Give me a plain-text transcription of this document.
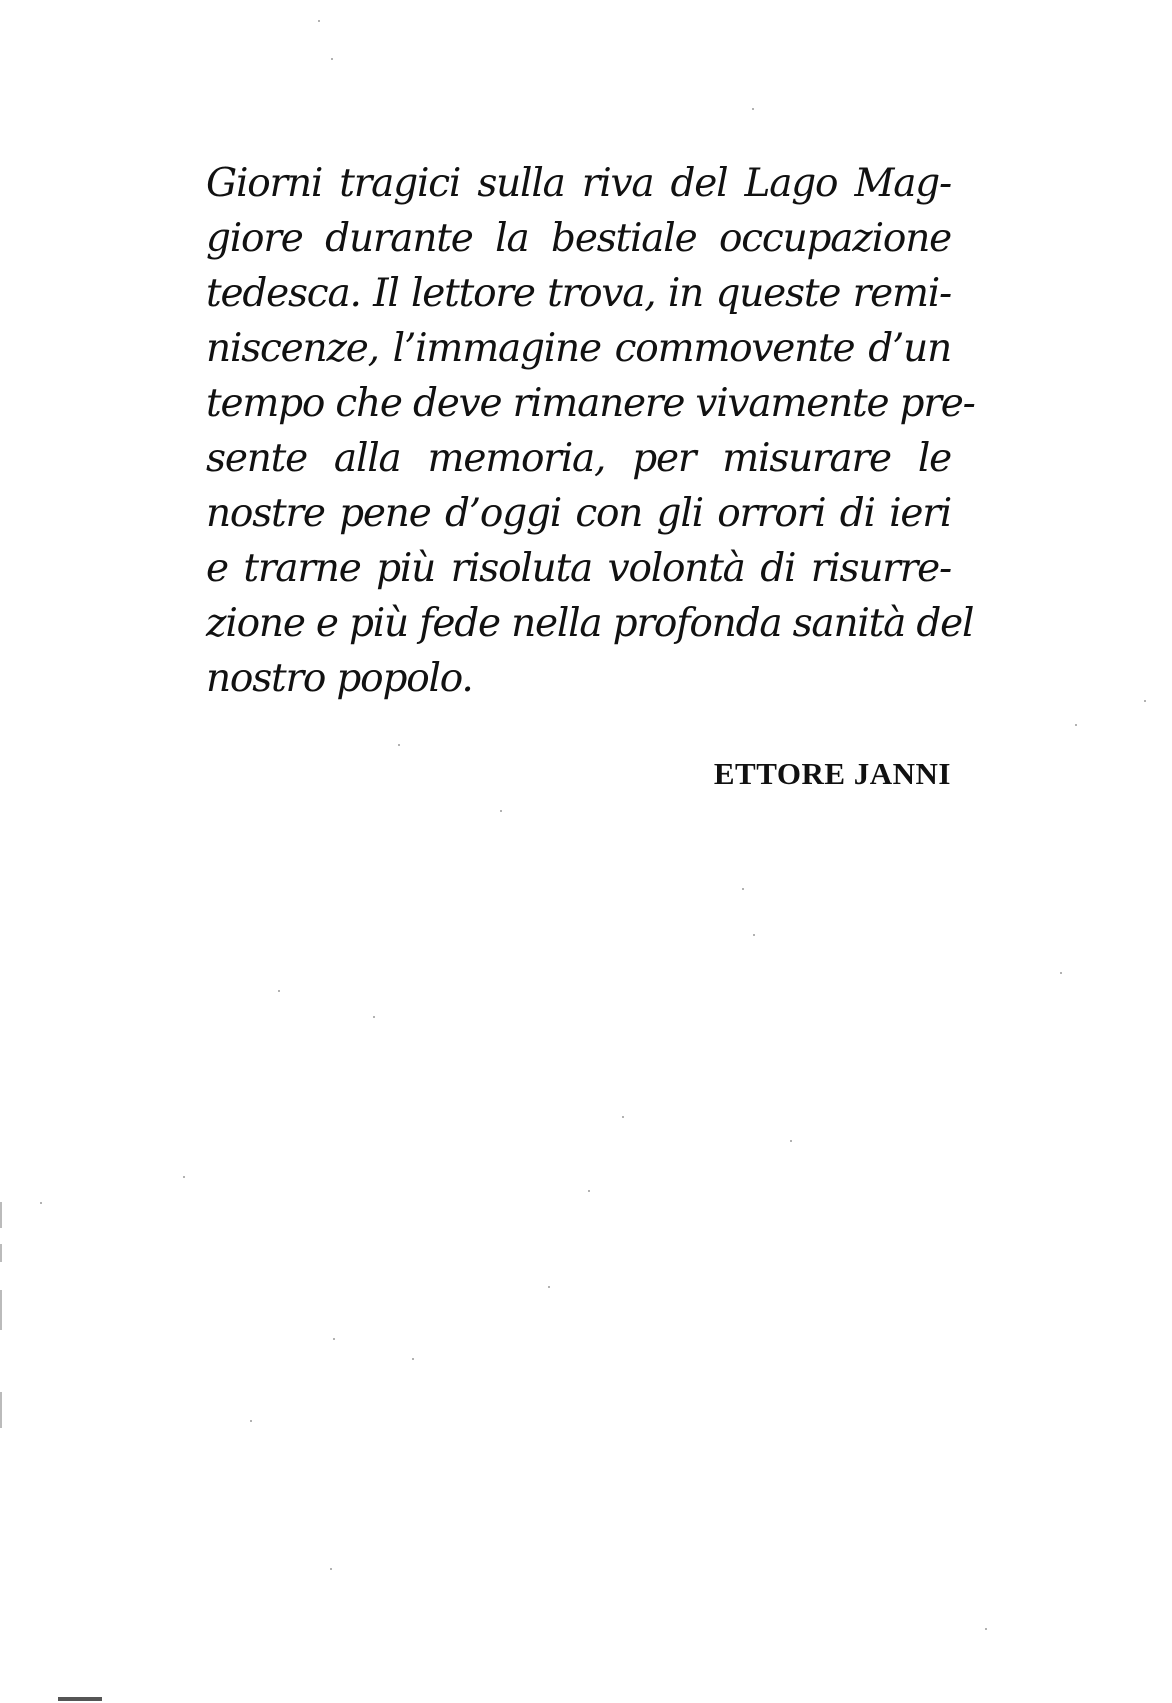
Giorni tragici sulla riva del Lago Mag-
giore durante la bestiale occupazione
tedesca. Il lettore trova, in queste remi-
niscenze, l’immagine commovente d’un
tempo che deve rimanere vivamente pre-
sente alla memoria, per misurare le
nostre pene d’oggi con gli orrori di ieri
e trarne più risoluta volontà di risurre-
zione e più fede nella profonda sanità del
nostro popolo.
ETTORE JANNI
